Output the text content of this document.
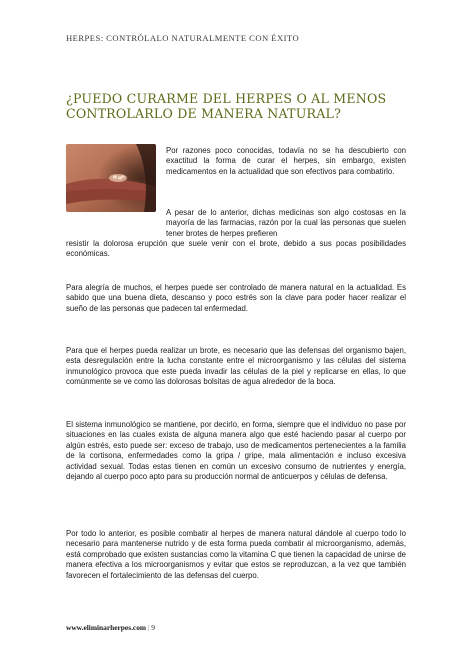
HERPES: CONTRÓLALO NATURALMENTE CON ÉXITO
¿PUEDO CURARME DEL HERPES O AL MENOS CONTROLARLO DE MANERA NATURAL?

Por razones poco conocidas, todavía no se ha descubierto con exactitud la forma de curar el herpes, sin embargo, existen medicamentos en la actualidad que son efectivos para combatirlo.

A pesar de lo anterior, dichas medicinas son algo costosas en la mayoría de las farmacias, razón por la cual las personas que suelen tener brotes de herpes prefieren

resistir la dolorosa erupción que suele venir con el brote, debido a sus pocas posibilidades económicas.

Para alegría de muchos, el herpes puede ser controlado de manera natural en la actualidad. Es sabido que una buena dieta, descanso y poco estrés son la clave para poder hacer realizar el sueño de las personas que padecen tal enfermedad.

Para que el herpes pueda realizar un brote, es necesario que las defensas del organismo bajen, esta desregulación entre la lucha constante entre el microorganismo y las células del sistema inmunológico provoca que este pueda invadir las células de la piel y replicarse en ellas, lo que comúnmente se ve como las dolorosas bolsitas de agua alrededor de la boca.

El sistema inmunológico se mantiene, por decirlo, en forma, siempre que el individuo no pase por situaciones en las cuales exista de alguna manera algo que esté haciendo pasar al cuerpo por algún estrés, esto puede ser: exceso de trabajo, uso de medicamentos pertenecientes a la familia de la cortisona, enfermedades como la gripa / gripe, mala alimentación e incluso excesiva actividad sexual. Todas estas tienen en común un excesivo consumo de nutrientes y energía, dejando al cuerpo poco apto para su producción normal de anticuerpos y células de defensa.

Por todo lo anterior, es posible combatir al herpes de manera natural dándole al cuerpo todo lo necesario para mantenerse nutrido y de esta forma pueda combatir al microorganismo, además, está comprobado que existen sustancias como la vitamina C que tienen la capacidad de unirse de manera efectiva a los microorganismos y evitar que estos se reproduzcan, a la vez que también favorecen el fortalecimiento de las defensas del cuerpo.

www.eliminarherpes.com | 9
